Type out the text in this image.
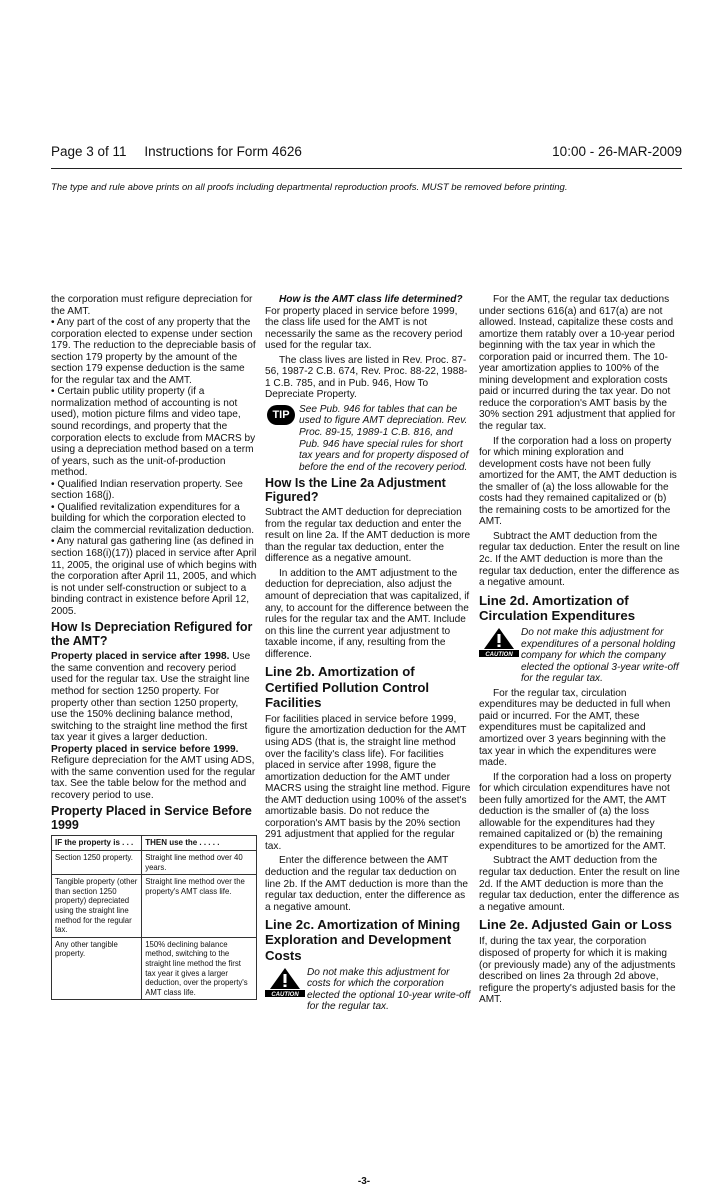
Page 3 of 11 Instructions for Form 4626	10:00 - 26-MAR-2009
The type and rule above prints on all proofs including departmental reproduction proofs. MUST be removed before printing.

the corporation must refigure depreciation for the AMT.

• Any part of the cost of any property that the corporation elected to expense under section 179. The reduction to the depreciable basis of section 179 property by the amount of the section 179 expense deduction is the same for the regular tax and the AMT.

• Certain public utility property (if a normalization method of accounting is not used), motion picture films and video tape, sound recordings, and property that the corporation elects to exclude from MACRS by using a depreciation method based on a term of years, such as the unit-of-production method.

• Qualified Indian reservation property. See section 168(j).

• Qualified revitalization expenditures for a building for which the corporation elected to claim the commercial revitalization deduction.

• Any natural gas gathering line (as defined in section 168(i)(17)) placed in service after April 11, 2005, the original use of which begins with the corporation after April 11, 2005, and which is not under self-construction or subject to a binding contract in existence before April 12, 2005.

How Is Depreciation Refigured for the AMT?

Property placed in service after 1998. Use the same convention and recovery period used for the regular tax. Use the straight line method for section 1250 property. For property other than section 1250 property, use the 150% declining balance method, switching to the straight line method the first tax year it gives a larger deduction.

Property placed in service before 1999. Refigure depreciation for the AMT using ADS, with the same convention used for the regular tax. See the table below for the method and recovery period to use.

Property Placed in Service Before 1999
IF the property is . . .	THEN use the . . . . .
Section 1250 property.	Straight line method over 40 years.
Tangible property (other than section 1250 property) depreciated using the straight line method for the regular tax.	Straight line method over the property's AMT class life.
Any other tangible property.	150% declining balance method, switching to the straight line method the first tax year it gives a larger deduction, over the property's AMT class life.

How is the AMT class life determined? For property placed in service before 1999, the class life used for the AMT is not necessarily the same as the recovery period used for the regular tax.

The class lives are listed in Rev. Proc. 87-56, 1987-2 C.B. 674, Rev. Proc. 88-22, 1988-1 C.B. 785, and in Pub. 946, How To Depreciate Property.

TIP See Pub. 946 for tables that can be used to figure AMT depreciation. Rev. Proc. 89-15, 1989-1 C.B. 816, and Pub. 946 have special rules for short tax years and for property disposed of before the end of the recovery period.
How Is the Line 2a Adjustment Figured?

Subtract the AMT deduction for depreciation from the regular tax deduction and enter the result on line 2a. If the AMT deduction is more than the regular tax deduction, enter the difference as a negative amount.

In addition to the AMT adjustment to the deduction for depreciation, also adjust the amount of depreciation that was capitalized, if any, to account for the difference between the rules for the regular tax and the AMT. Include on this line the current year adjustment to taxable income, if any, resulting from the difference.

Line 2b. Amortization of Certified Pollution Control Facilities

For facilities placed in service before 1999, figure the amortization deduction for the AMT using ADS (that is, the straight line method over the facility's class life). For facilities placed in service after 1998, figure the amortization deduction for the AMT under MACRS using the straight line method. Figure the AMT deduction using 100% of the asset's amortizable basis. Do not reduce the corporation's AMT basis by the 20% section 291 adjustment that applied for the regular tax.

Enter the difference between the AMT deduction and the regular tax deduction on line 2b. If the AMT deduction is more than the regular tax deduction, enter the difference as a negative amount.

Line 2c. Amortization of Mining Exploration and Development Costs
CAUTION
Do not make this adjustment for costs for which the corporation elected the optional 10-year write-off for the regular tax.

For the AMT, the regular tax deductions under sections 616(a) and 617(a) are not allowed. Instead, capitalize these costs and amortize them ratably over a 10-year period beginning with the tax year in which the corporation paid or incurred them. The 10-year amortization applies to 100% of the mining development and exploration costs paid or incurred during the tax year. Do not reduce the corporation's AMT basis by the 30% section 291 adjustment that applied for the regular tax.

If the corporation had a loss on property for which mining exploration and development costs have not been fully amortized for the AMT, the AMT deduction is the smaller of (a) the loss allowable for the costs had they remained capitalized or (b) the remaining costs to be amortized for the AMT.

Subtract the AMT deduction from the regular tax deduction. Enter the result on line 2c. If the AMT deduction is more than the regular tax deduction, enter the difference as a negative amount.

Line 2d. Amortization of Circulation Expenditures
CAUTION
Do not make this adjustment for expenditures of a personal holding company for which the company elected the optional 3-year write-off for the regular tax.

For the regular tax, circulation expenditures may be deducted in full when paid or incurred. For the AMT, these expenditures must be capitalized and amortized over 3 years beginning with the tax year in which the expenditures were made.

If the corporation had a loss on property for which circulation expenditures have not been fully amortized for the AMT, the AMT deduction is the smaller of (a) the loss allowable for the expenditures had they remained capitalized or (b) the remaining expenditures to be amortized for the AMT.

Subtract the AMT deduction from the regular tax deduction. Enter the result on line 2d. If the AMT deduction is more than the regular tax deduction, enter the difference as a negative amount.

Line 2e. Adjusted Gain or Loss

If, during the tax year, the corporation disposed of property for which it is making (or previously made) any of the adjustments described on lines 2a through 2d above, refigure the property's adjusted basis for the AMT.

-3-
